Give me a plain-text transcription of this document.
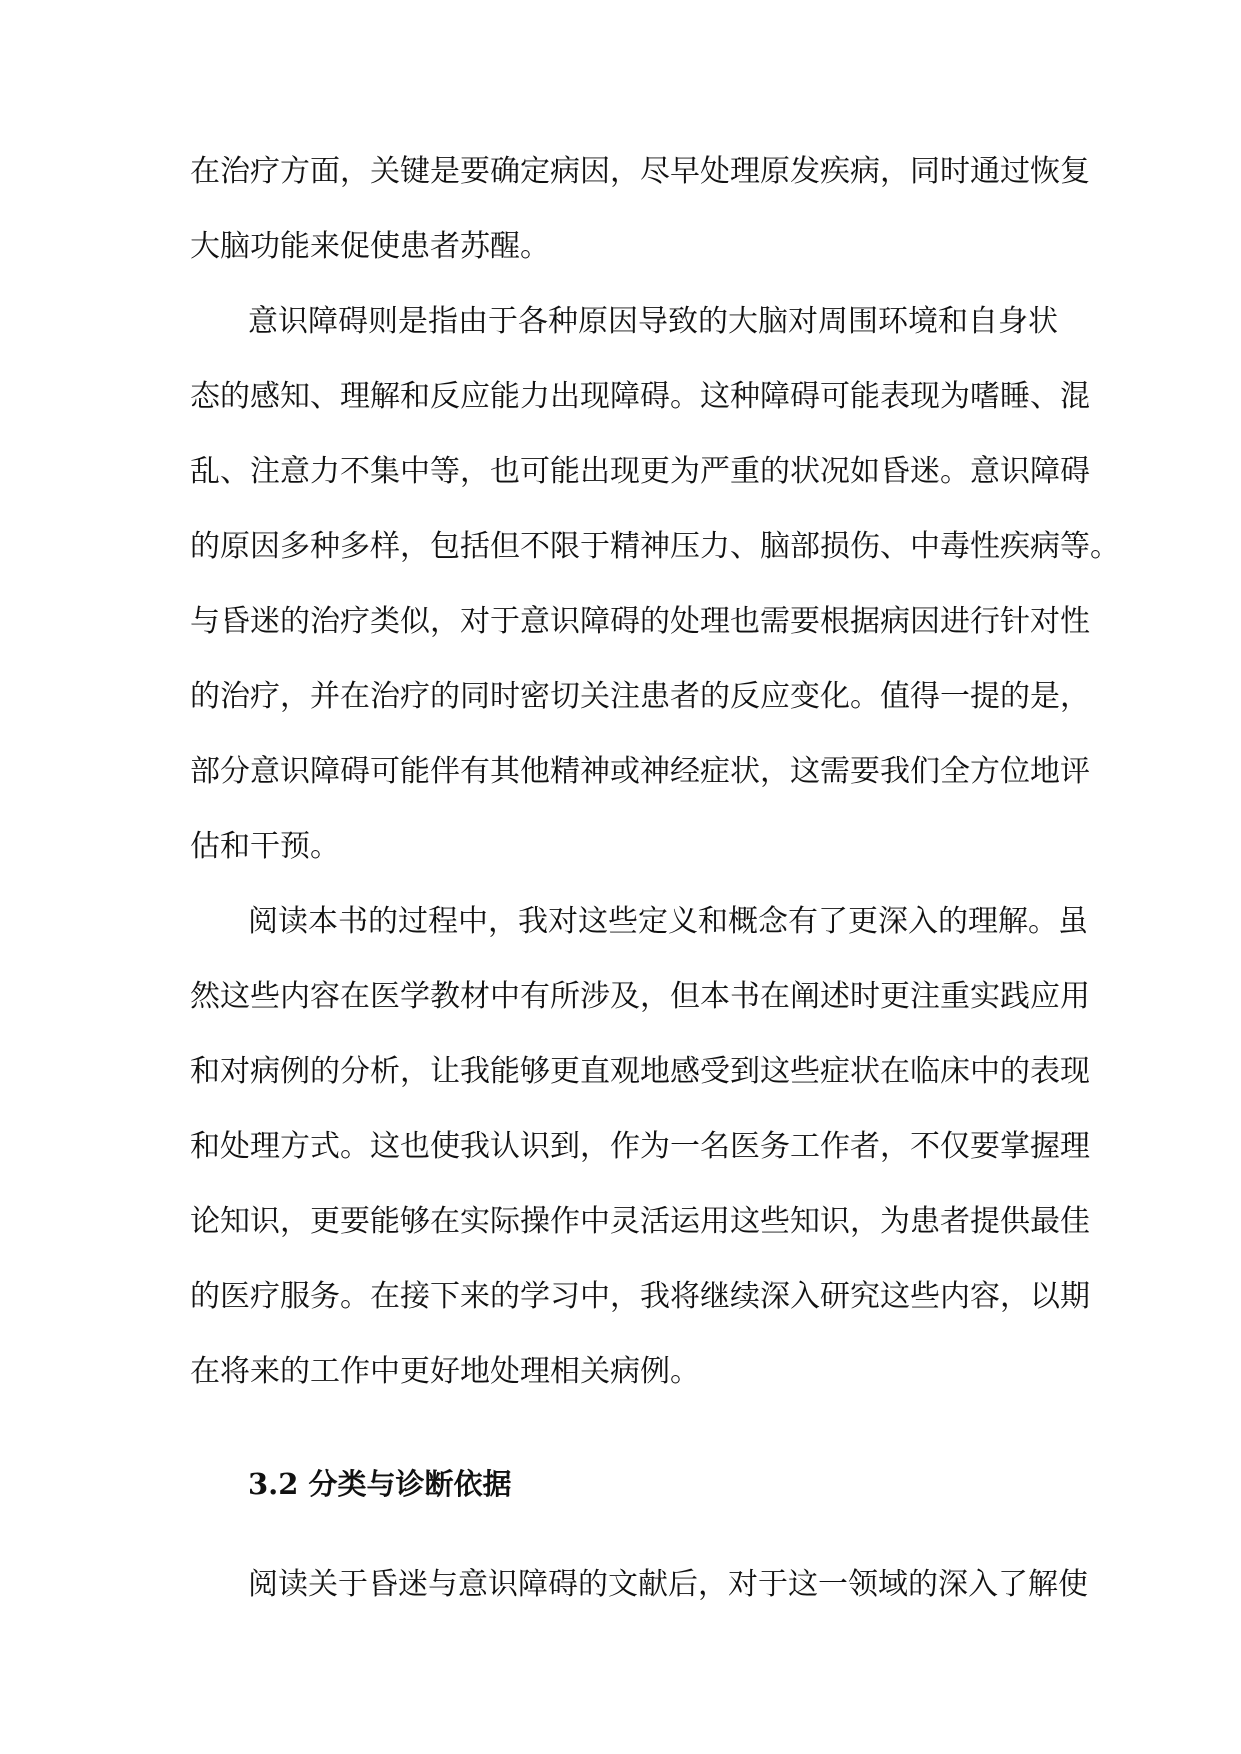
在治疗方面，关键是要确定病因，尽早处理原发疾病，同时通过恢复
大脑功能来促使患者苏醒。
意识障碍则是指由于各种原因导致的大脑对周围环境和自身状
态的感知、理解和反应能力出现障碍。这种障碍可能表现为嗜睡、混
乱、注意力不集中等，也可能出现更为严重的状况如昏迷。意识障碍
的原因多种多样，包括但不限于精神压力、脑部损伤、中毒性疾病等。
与昏迷的治疗类似，对于意识障碍的处理也需要根据病因进行针对性
的治疗，并在治疗的同时密切关注患者的反应变化。值得一提的是，
部分意识障碍可能伴有其他精神或神经症状，这需要我们全方位地评
估和干预。
阅读本书的过程中，我对这些定义和概念有了更深入的理解。虽
然这些内容在医学教材中有所涉及，但本书在阐述时更注重实践应用
和对病例的分析，让我能够更直观地感受到这些症状在临床中的表现
和处理方式。这也使我认识到，作为一名医务工作者，不仅要掌握理
论知识，更要能够在实际操作中灵活运用这些知识，为患者提供最佳
的医疗服务。在接下来的学习中，我将继续深入研究这些内容，以期
在将来的工作中更好地处理相关病例。
3.2 分类与诊断依据
阅读关于昏迷与意识障碍的文献后，对于这一领域的深入了解使
